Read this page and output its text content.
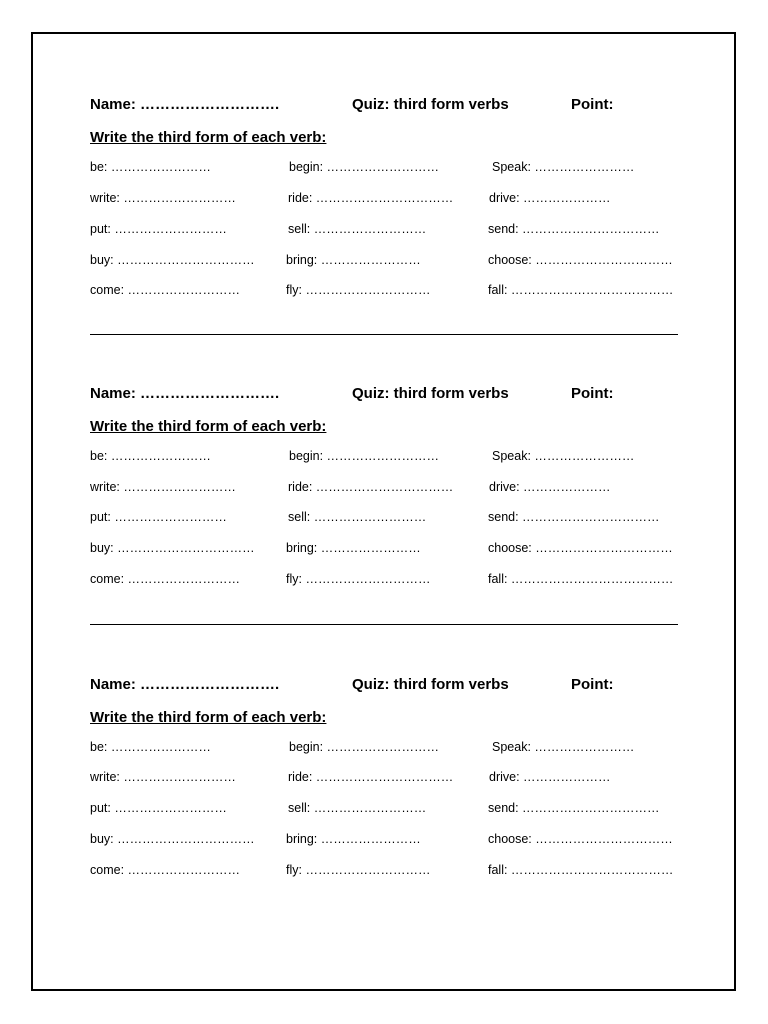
Name: ……………………….	Quiz: third form verbs	Point:
Write the third form of each verb:
be: ……………………	begin: ………………………	Speak: ……………………
write: ………………………	ride: ……………………………	drive: …………………
put: ………………………	sell: ………………………	send: ……………………………
buy: ……………………………	bring: ……………………	choose: ……………………………
come: ………………………	fly: …………………………	fall: …………………………………
Name: ……………………….	Quiz: third form verbs	Point:
Write the third form of each verb:
be: ……………………	begin: ………………………	Speak: ……………………
write: ………………………	ride: ……………………………	drive: …………………
put: ………………………	sell: ………………………	send: ……………………………
buy: ……………………………	bring: ……………………	choose: ……………………………
come: ………………………	fly: …………………………	fall: …………………………………
Name: ……………………….	Quiz: third form verbs	Point:
Write the third form of each verb:
be: ……………………	begin: ………………………	Speak: ……………………
write: ………………………	ride: ……………………………	drive: …………………
put: ………………………	sell: ………………………	send: ……………………………
buy: ……………………………	bring: ……………………	choose: ……………………………
come: ………………………	fly: …………………………	fall: …………………………………
